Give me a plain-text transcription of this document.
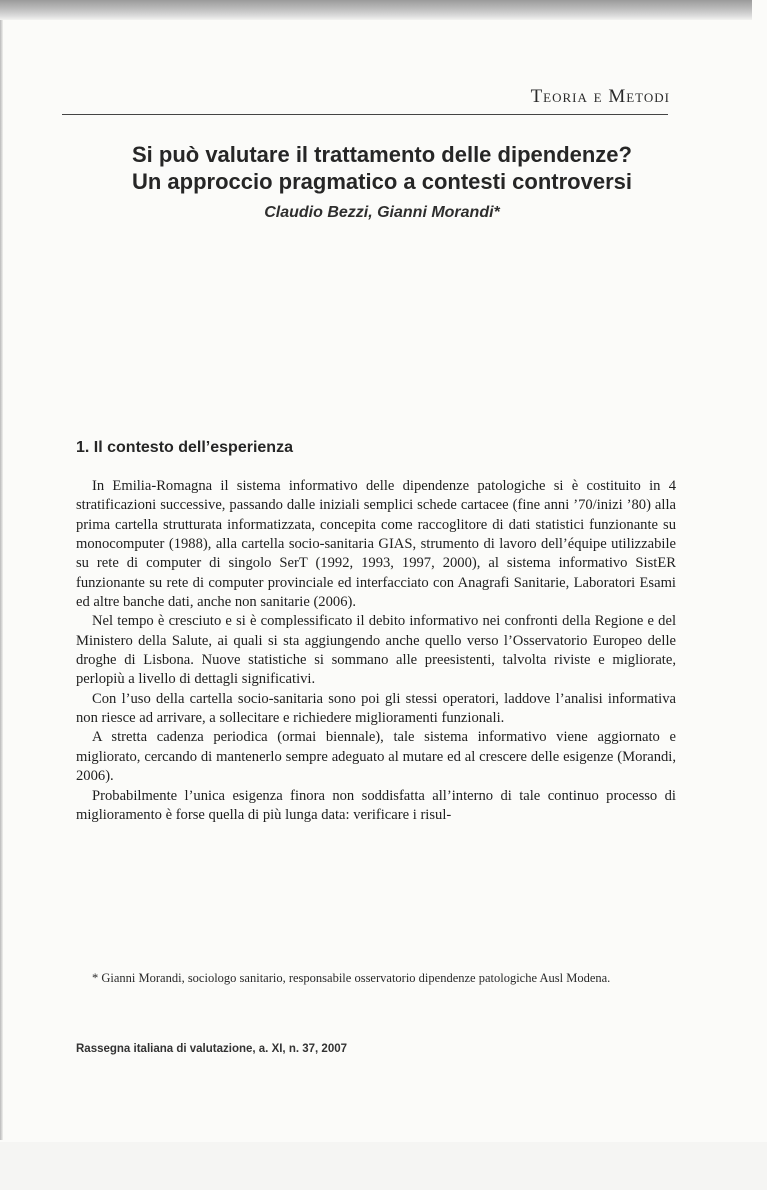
Teoria e Metodi
Si può valutare il trattamento delle dipendenze?
Un approccio pragmatico a contesti controversi
Claudio Bezzi, Gianni Morandi*
1. Il contesto dell’esperienza

In Emilia-Romagna il sistema informativo delle dipendenze patologiche si è costituito in 4 stratificazioni successive, passando dalle iniziali semplici schede cartacee (fine anni ’70/inizi ’80) alla prima cartella strutturata informatizzata, concepita come raccoglitore di dati statistici funzionante su monocomputer (1988), alla cartella socio-sanitaria GIAS, strumento di lavoro dell’équipe utilizzabile su rete di computer di singolo SerT (1992, 1993, 1997, 2000), al sistema informativo SistER funzionante su rete di computer provinciale ed interfacciato con Anagrafi Sanitarie, Laboratori Esami ed altre banche dati, anche non sanitarie (2006).

Nel tempo è cresciuto e si è complessificato il debito informativo nei confronti della Regione e del Ministero della Salute, ai quali si sta aggiungendo anche quello verso l’Osservatorio Europeo delle droghe di Lisbona. Nuove statistiche si sommano alle preesistenti, talvolta riviste e migliorate, perlopiù a livello di dettagli significativi.

Con l’uso della cartella socio-sanitaria sono poi gli stessi operatori, laddove l’analisi informativa non riesce ad arrivare, a sollecitare e richiedere miglioramenti funzionali.

A stretta cadenza periodica (ormai biennale), tale sistema informativo viene aggiornato e migliorato, cercando di mantenerlo sempre adeguato al mutare ed al crescere delle esigenze (Morandi, 2006).

Probabilmente l’unica esigenza finora non soddisfatta all’interno di tale continuo processo di miglioramento è forse quella di più lunga data: verificare i risul-

* Gianni Morandi, sociologo sanitario, responsabile osservatorio dipendenze patologiche Ausl Modena.
Rassegna italiana di valutazione, a. XI, n. 37, 2007
